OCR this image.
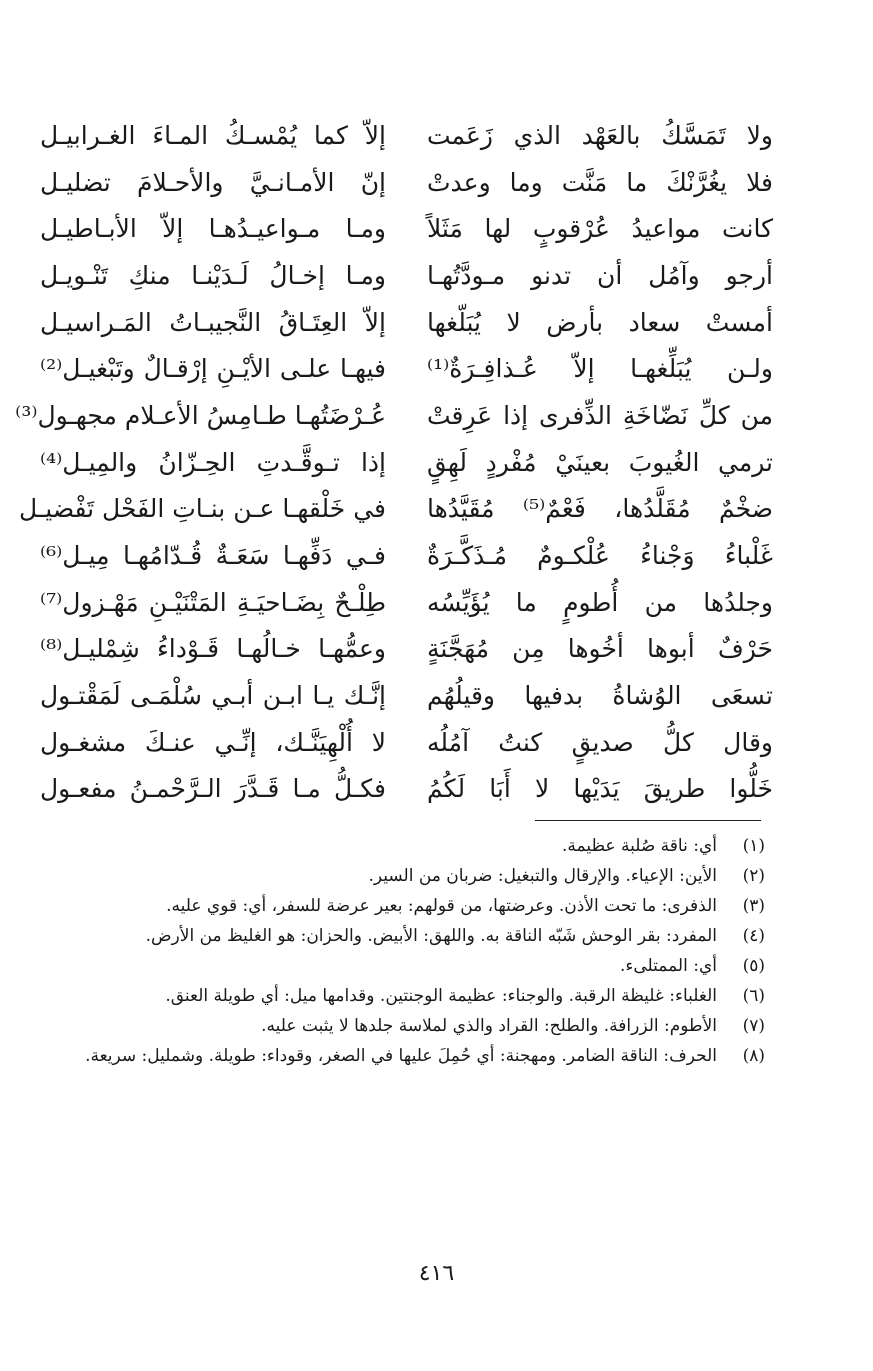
ولا تَمَسَّكُ بالعَهْد الذي زَعَمت
إلاّ كما يُمْسـكُ المـاءَ الغـرابيـل
فلا يغُرَّنْكَ ما مَنَّت وما وعدتْ
إنّ الأمـانـيَّ والأحـلامَ تضليـل
كانت مواعيدُ عُرْقوبٍ لها مَثَلاً
ومـا مـواعيـدُهـا إلاّ الأبـاطيـل
أرجو وآمُل أن تدنو مـودَّتُهـا
ومـا إخـالُ لَـدَيْنـا منكِ تَنْـويـل
أمستْ سعاد بأرض لا يُبَلّغها
إلاّ العِتَـاقُ النَّجيبـاتُ المَـراسيـل
ولـن يُبَلِّغهـا إلاّ عُـذافِـرَةٌ⁽¹⁾
فيهـا علـى الأيْـنِ إرْقـالٌ وتَبْغيـل⁽²⁾
من كلِّ نَضّاخَةِ الذِّفرى إذا عَرِقتْ
عُـرْضَتُهـا طـامِسُ الأعـلام مجهـول⁽³⁾
ترمي الغُيوبَ بعينَيْ مُفْردٍ لَهِقٍ
إذا تـوقَّـدتِ الحِـزّانُ والمِيـل⁽⁴⁾
ضخْمٌ مُقَلَّدُها، فَعْمٌ⁽⁵⁾ مُقَيَّدُها
في خَلْقهـا عـن بنـاتِ الفَحْل تَفْضيـل
غَلْباءُ وَجْناءُ عُلْكـومٌ مُـذَكَّـرَةٌ
فـي دَفِّهـا سَعَـةٌ قُـدّامُهـا مِيـل⁽⁶⁾
وجلدُها من أُطومٍ ما يُؤَيِّسُه
طِلْـحٌ بِضَـاحيَـةِ المَتْنَيْـنِ مَهْـزول⁽⁷⁾
حَرْفٌ أبوها أخُوها مِن مُهَجَّنَةٍ
وعمُّهـا خـالُهـا قَـوْداءُ شِمْليـل⁽⁸⁾
تسعَى الوُشاةُ بدفيها وقيلُهُم
إنَّـك يـا ابـن أبـي سُلْمَـى لَمَقْتـول
وقال كلُّ صديقٍ كنتُ آمُلُه
لا أُلْهِيَنَّـك، إنِّـي عنـكَ مشغـول
خَلُّوا طريقَ يَدَيْها لا أَبَا لَكُمُ
فكـلُّ مـا قَـدَّرَ الـرَّحْمـنُ مفعـول
(١)
أي: ناقة صُلبة عظيمة.
(٢)
الأين: الإعياء. والإرقال والتبغيل: ضربان من السير.
(٣)
الذفرى: ما تحت الأذن. وعرضتها، من قولهم: بعير عرضة للسفر، أي: قوي عليه.
(٤)
المفرد: بقر الوحش شَبّه الناقة به. واللهق: الأبيض. والحزان: هو الغليظ من الأرض.
(٥)
أي: الممتلىء.
(٦)
الغلباء: غليظة الرقبة. والوجناء: عظيمة الوجنتين. وقدامها ميل: أي طويلة العنق.
(٧)
الأطوم: الزرافة. والطلح: القراد والذي لملاسة جلدها لا يثبت عليه.
(٨)
الحرف: الناقة الضامر. ومهجنة: أي حُمِلَ عليها في الصغر، وقوداء: طويلة. وشمليل: سريعة.
٤١٦
